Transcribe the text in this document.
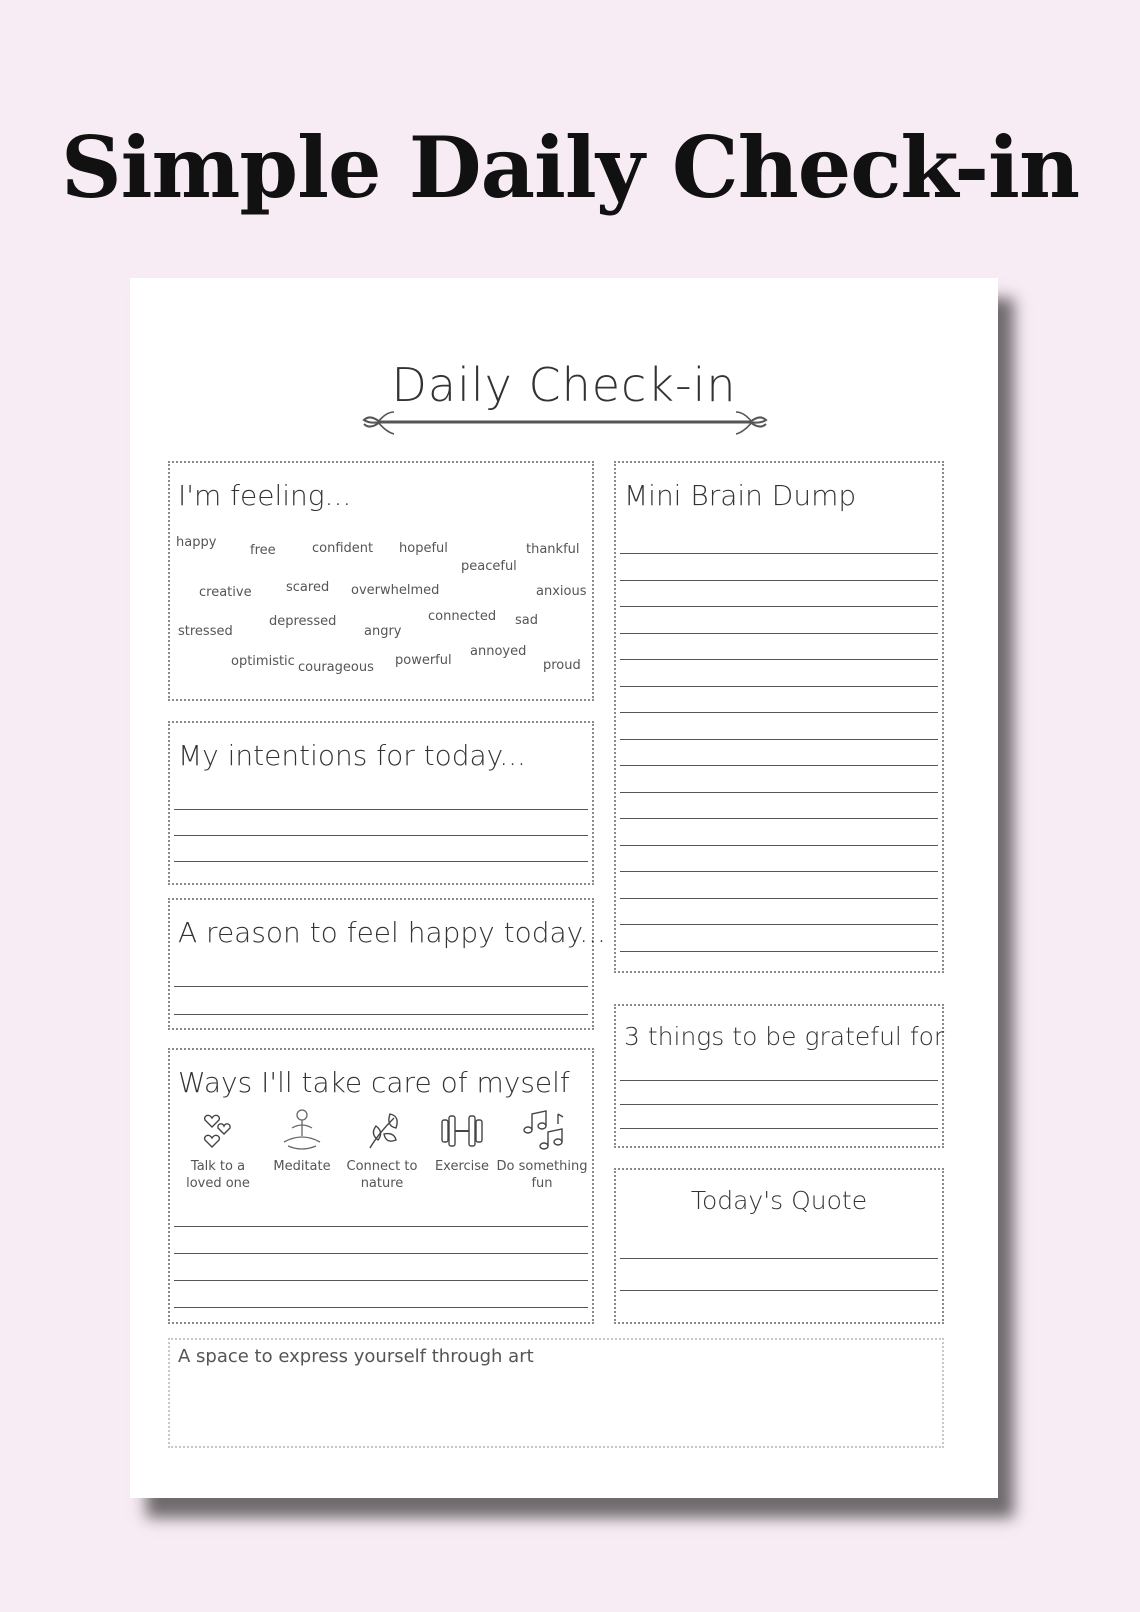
Simple Daily Check-in
Daily Check-in
I'm feeling...
happy
free	confident hopeful	thankful
peaceful
creative	scared overwhelmed	anxious
stressed
depressed
angry
connected sad
optimistic courageous powerful
annoyed
proud
My intentions for today...
A reason to feel happy today...
Ways I'll take care of myself
Talk to a
loved one
Meditate	Connect to
nature
Exercise Do something
fun
Mini Brain Dump
3 things to be grateful for
Today's Quote
A space to express yourself through art
